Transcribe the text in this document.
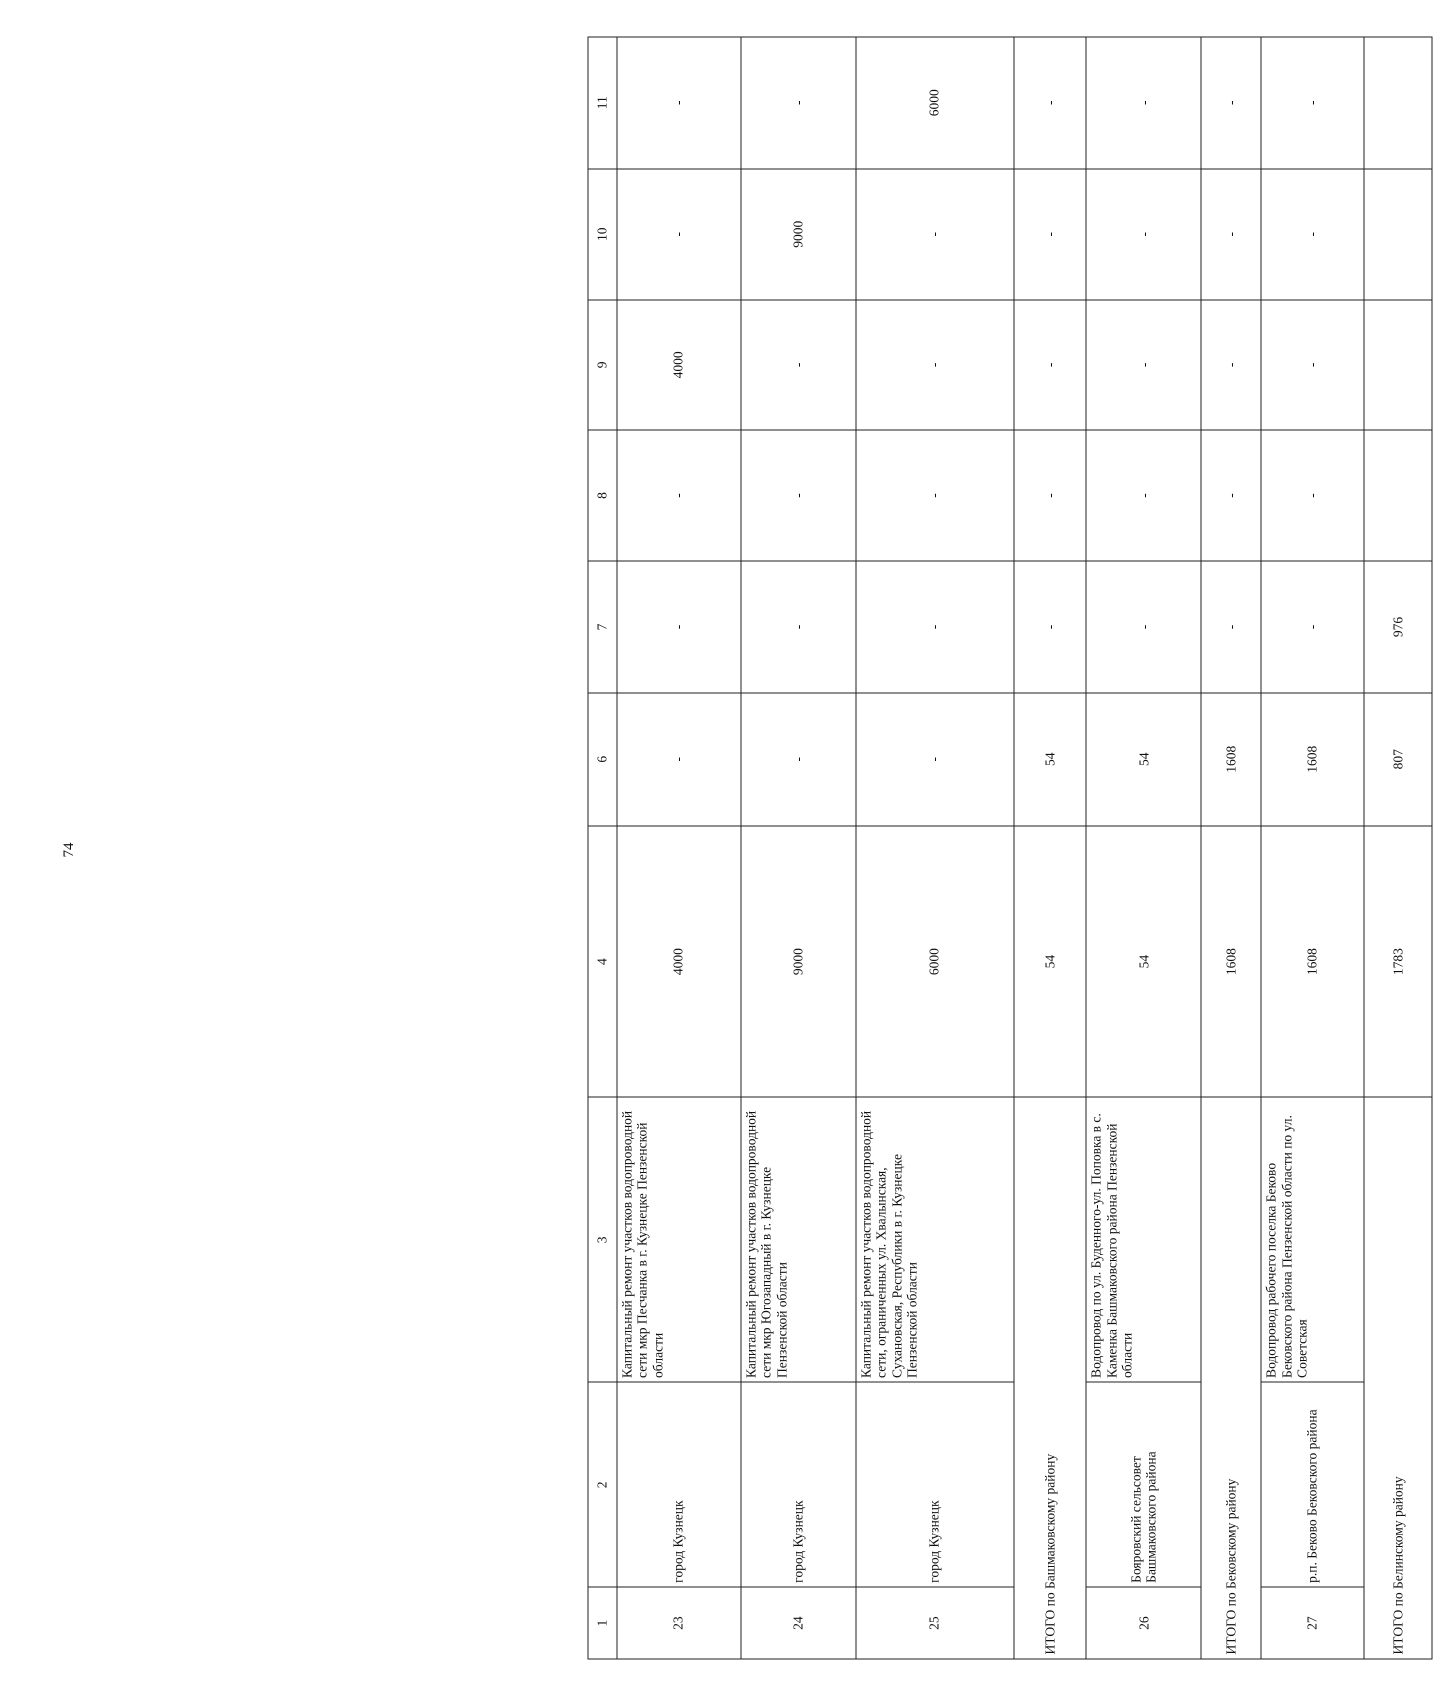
74
1	2	3	4	6	7	8	9	10	11
23	город Кузнецк	Капитальный ремонт участков водопроводной сети мкр Песчанка в г. Кузнецке Пензенской области	4000	-	-	-	4000	-	-
24	город Кузнецк	Капитальный ремонт участков водопроводной сети мкр Югозападный в г. Кузнецке Пензенской области	9000	-	-	-	-	9000	-
25	город Кузнецк	Капитальный ремонт участков водопроводной сети, ограниченных ул. Хвалынская, Сухановская, Республики в г. Кузнецке Пензенской области	6000	-	-	-	-	-	6000
ИТОГО по Башмаковскому району			54	54	-	-	-	-	-
26	Бояровский сельсовет Башмаковского района	Водопровод по ул. Буденного-ул. Поповка в с. Каменка Башмаковского района Пензенской области	54	54	-	-	-	-	-
ИТОГО по Бековскому району			1608	1608	-	-	-	-	-
27	р.п. Беково Бековского района	Водопровод рабочего поселка Беково Бековского района Пензенской области по ул. Советская	1608	1608	-	-	-	-	-
ИТОГО по Белинскому району			1783	807	976				
